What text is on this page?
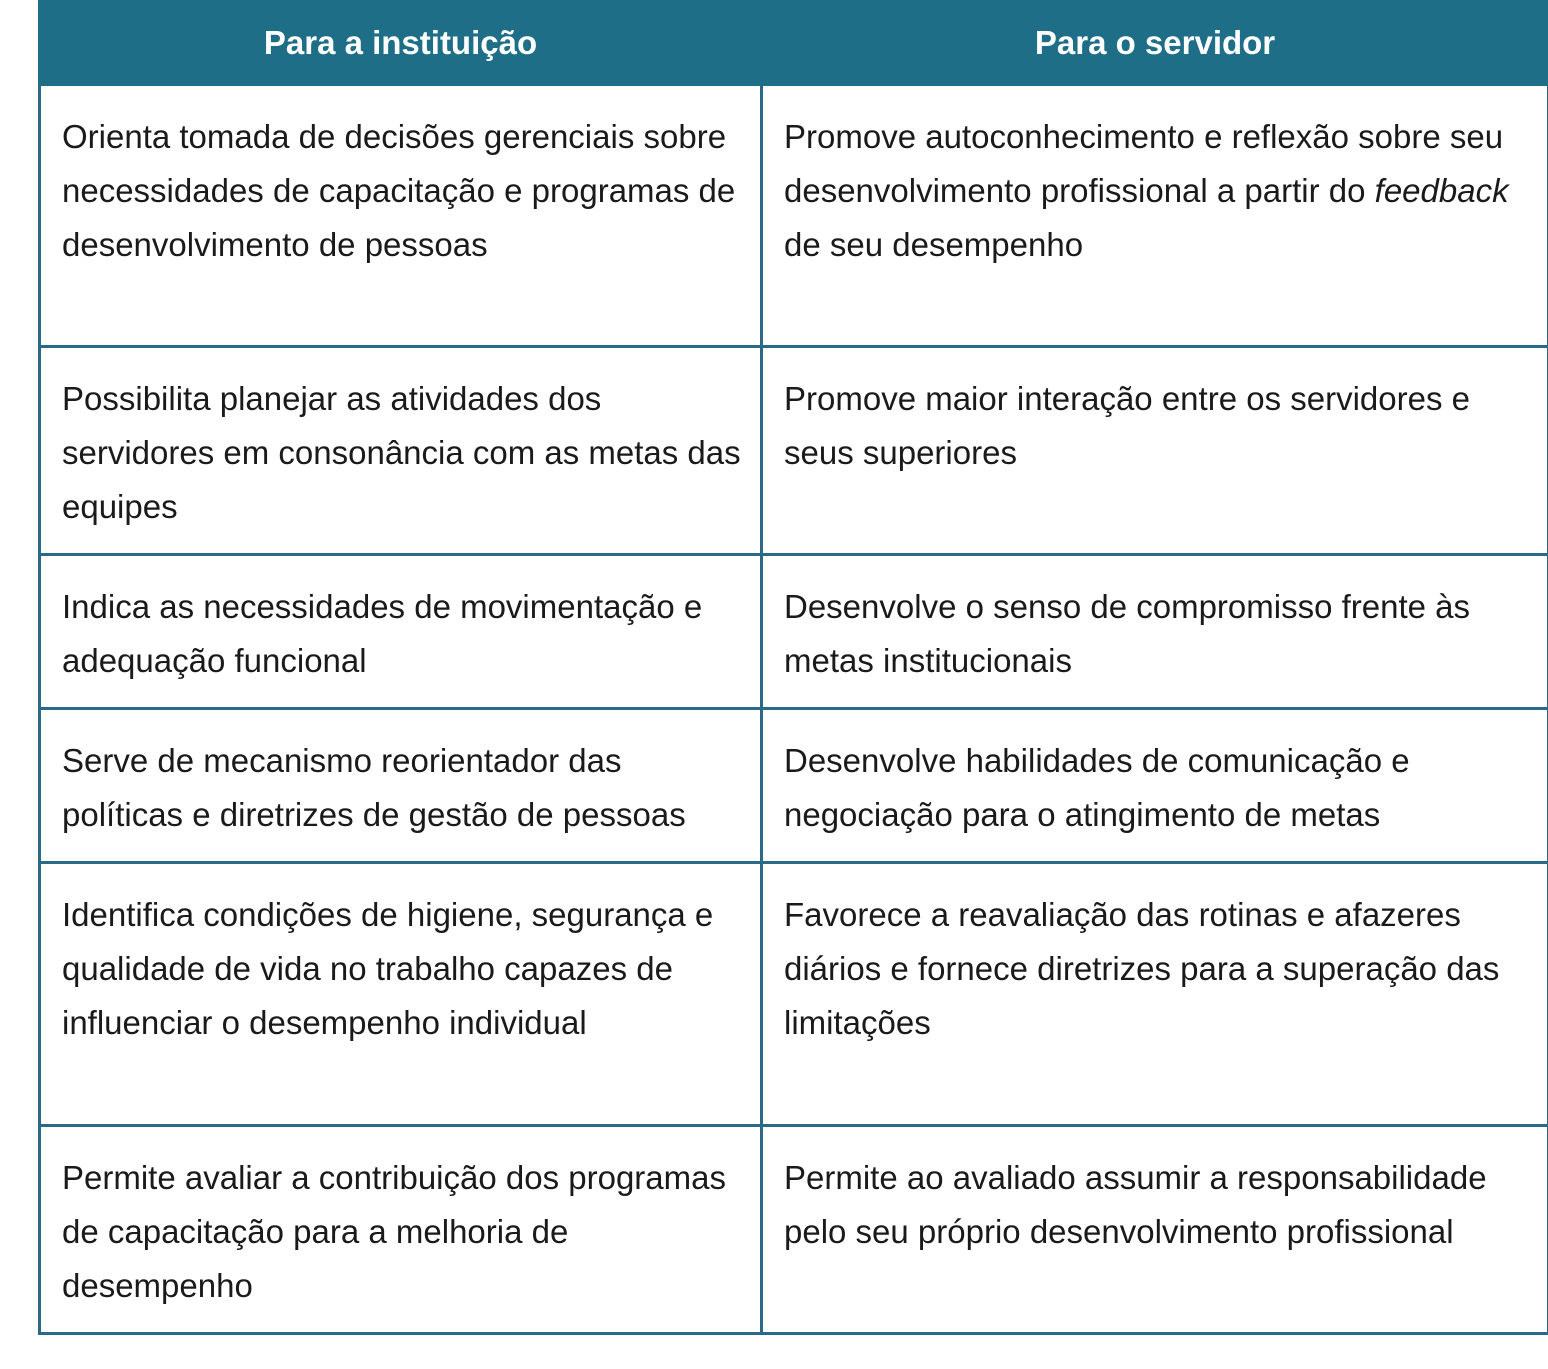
Para a instituição	Para o servidor
Orienta tomada de decisões gerenciais sobre necessidades de capacitação e programas de desenvolvimento de pessoas	Promove autoconhecimento e reflexão sobre seu desenvolvimento profissional a partir do feedback de seu desempenho
Possibilita planejar as atividades dos servidores em consonância com as metas das equipes	Promove maior interação entre os servidores e seus superiores
Indica as necessidades de movimentação e adequação funcional	Desenvolve o senso de compromisso frente às metas institucionais
Serve de mecanismo reorientador das políticas e diretrizes de gestão de pessoas	Desenvolve habilidades de comunicação e negociação para o atingimento de metas
Identifica condições de higiene, segurança e qualidade de vida no trabalho capazes de influenciar o desempenho individual	Favorece a reavaliação das rotinas e afazeres diários e fornece diretrizes para a superação das limitações
Permite avaliar a contribuição dos programas de capacitação para a melhoria de desempenho	Permite ao avaliado assumir a responsabilidade pelo seu próprio desenvolvimento profissional
